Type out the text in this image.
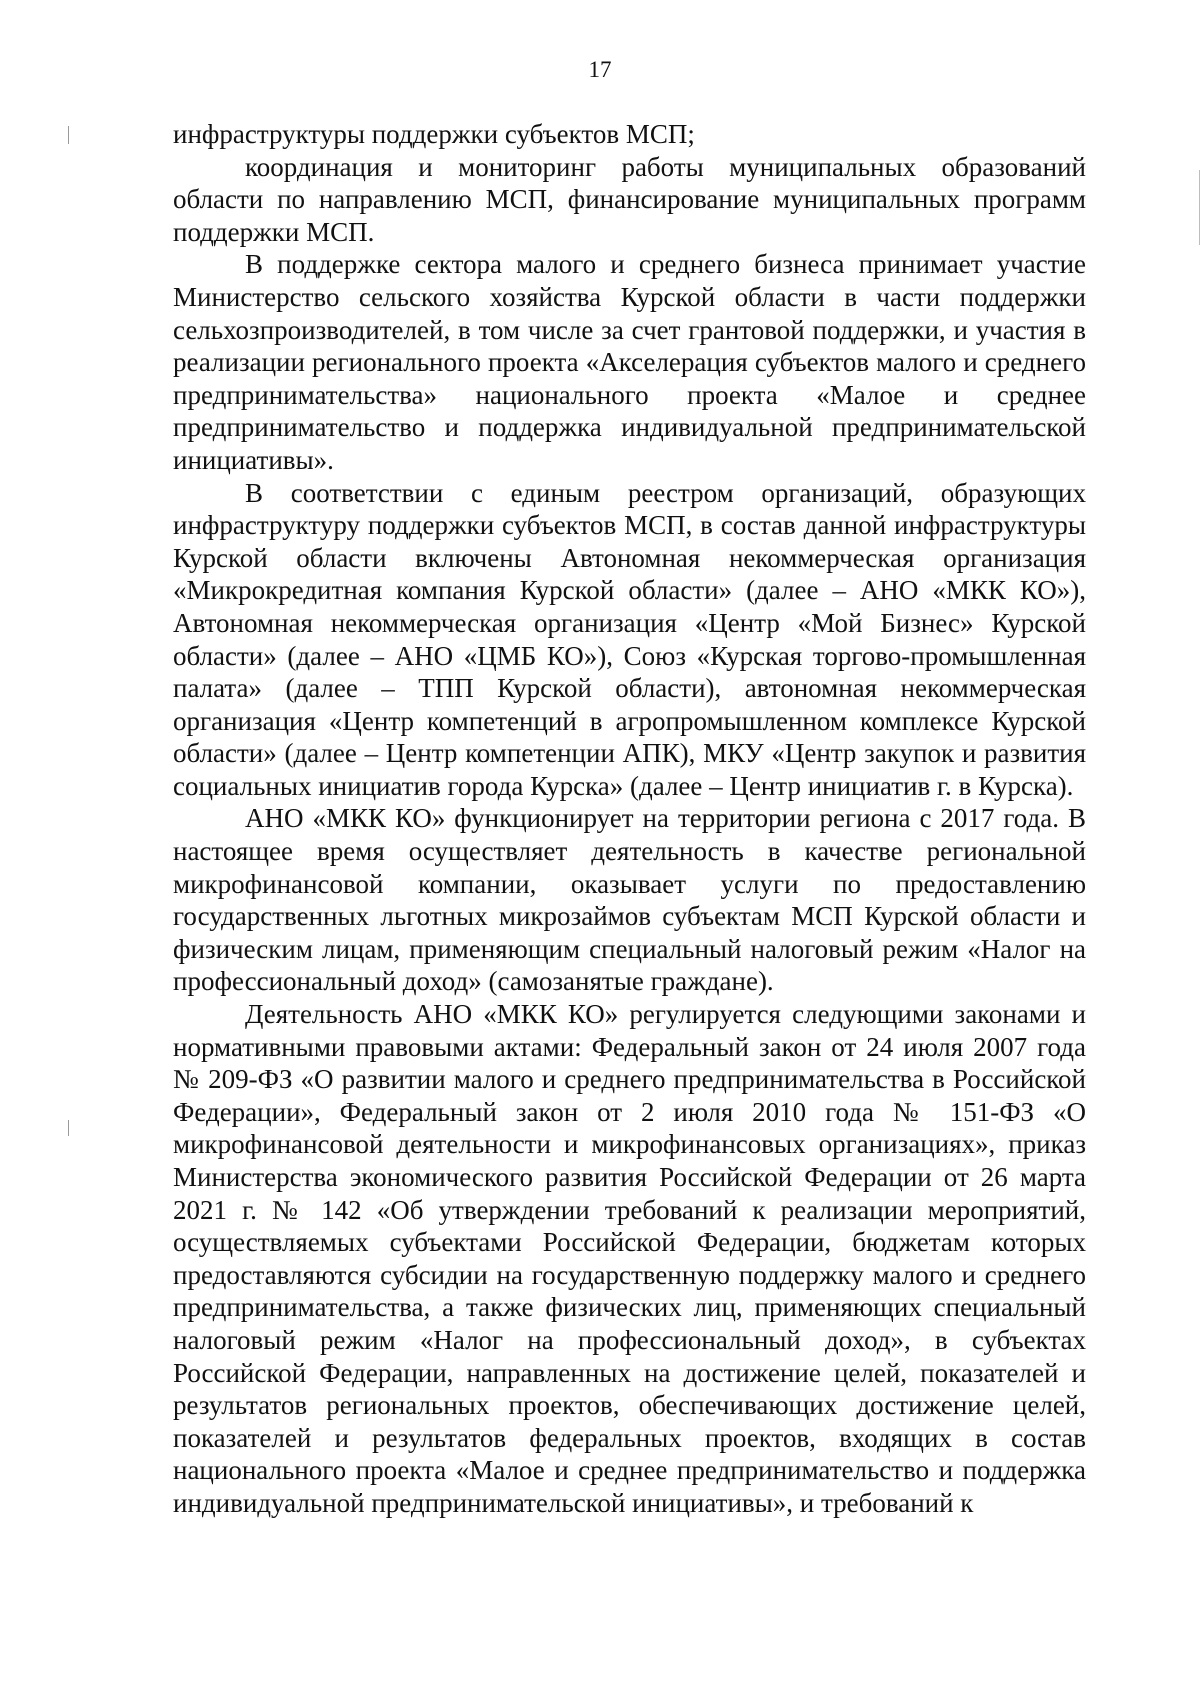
17

инфраструктуры поддержки субъектов МСП;

координация и мониторинг работы муниципальных образований области по направлению МСП, финансирование муниципальных программ поддержки МСП.

В поддержке сектора малого и среднего бизнеса принимает участие Министерство сельского хозяйства Курской области в части поддержки сельхозпроизводителей, в том числе за счет грантовой поддержки, и участия в реализации регионального проекта «Акселерация субъектов малого и среднего предпринимательства» национального проекта «Малое и среднее предпринимательство и поддержка индивидуальной предпринимательской инициативы».

В соответствии с единым реестром организаций, образующих инфраструктуру поддержки субъектов МСП, в состав данной инфраструктуры Курской области включены Автономная некоммерческая организация «Микрокредитная компания Курской области» (далее – АНО «МКК КО»), Автономная некоммерческая организация «Центр «Мой Бизнес» Курской области» (далее – АНО «ЦМБ КО»), Союз «Курская торгово-промышленная палата» (далее – ТПП Курской области), автономная некоммерческая организация «Центр компетенций в агропромышленном комплексе Курской области» (далее – Центр компетенции АПК), МКУ «Центр закупок и развития социальных инициатив города Курска» (далее – Центр инициатив г. в Курска).

АНО «МКК КО» функционирует на территории региона с 2017 года. В настоящее время осуществляет деятельность в качестве региональной микрофинансовой компании, оказывает услуги по предоставлению государственных льготных микрозаймов субъектам МСП Курской области и физическим лицам, применяющим специальный налоговый режим «Налог на профессиональный доход» (самозанятые граждане).

Деятельность АНО «МКК КО» регулируется следующими законами и нормативными правовыми актами: Федеральный закон от 24 июля 2007 года № 209-ФЗ «О развитии малого и среднего предпринимательства в Российской Федерации», Федеральный закон от 2 июля 2010 года № 151-ФЗ «О микрофинансовой деятельности и микрофинансовых организациях», приказ Министерства экономического развития Российской Федерации от 26 марта 2021 г. № 142 «Об утверждении требований к реализации мероприятий, осуществляемых субъектами Российской Федерации, бюджетам которых предоставляются субсидии на государственную поддержку малого и среднего предпринимательства, а также физических лиц, применяющих специальный налоговый режим «Налог на профессиональный доход», в субъектах Российской Федерации, направленных на достижение целей, показателей и результатов региональных проектов, обеспечивающих достижение целей, показателей и результатов федеральных проектов, входящих в состав национального проекта «Малое и среднее предпринимательство и поддержка индивидуальной предпринимательской инициативы», и требований к
